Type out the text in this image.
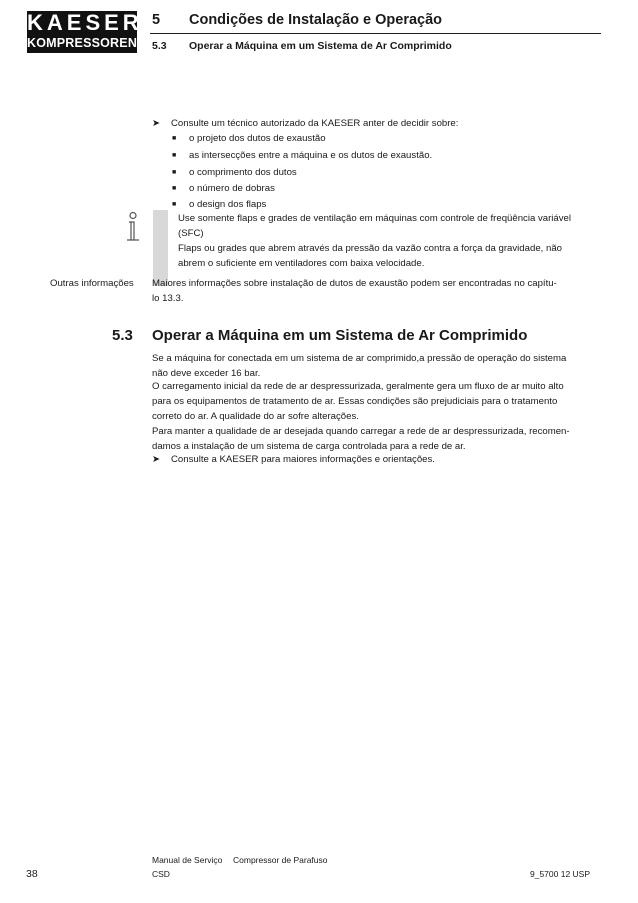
KAESER
KOMPRESSOREN
5 Condições de Instalação e Operação
5.3 Operar a Máquina em um Sistema de Ar Comprimido
➤ Consulte um técnico autorizado da KAESER anter de decidir sobre:
■ o projeto dos dutos de exaustão
■ as intersecções entre a máquina e os dutos de exaustão.
■ o comprimento dos dutos
■ o número de dobras
■ o design dos flaps
Use somente flaps e grades de ventilação em máquinas com controle de freqüência variável
(SFC)
Flaps ou grades que abrem através da pressão da vazão contra a força da gravidade, não
abrem o suficiente em ventiladores com baixa velocidade.
Outras informações Maiores informações sobre instalação de dutos de exaustão podem ser encontradas no capítu-
lo 13.3.
5.3 Operar a Máquina em um Sistema de Ar Comprimido
Se a máquina for conectada em um sistema de ar comprimido,a pressão de operação do sistema
não deve exceder 16 bar.
O carregamento inicial da rede de ar despressurizada, geralmente gera um fluxo de ar muito alto
para os equipamentos de tratamento de ar. Essas condições são prejudiciais para o tratamento
correto do ar. A qualidade do ar sofre alterações.
Para manter a qualidade de ar desejada quando carregar a rede de ar despressurizada, recomen-
damos a instalação de um sistema de carga controlada para a rede de ar.
➤ Consulte a KAESER para maiores informações e orientações.
38
Manual de Serviço Compressor de Parafuso
CSD	9_5700 12 USP
